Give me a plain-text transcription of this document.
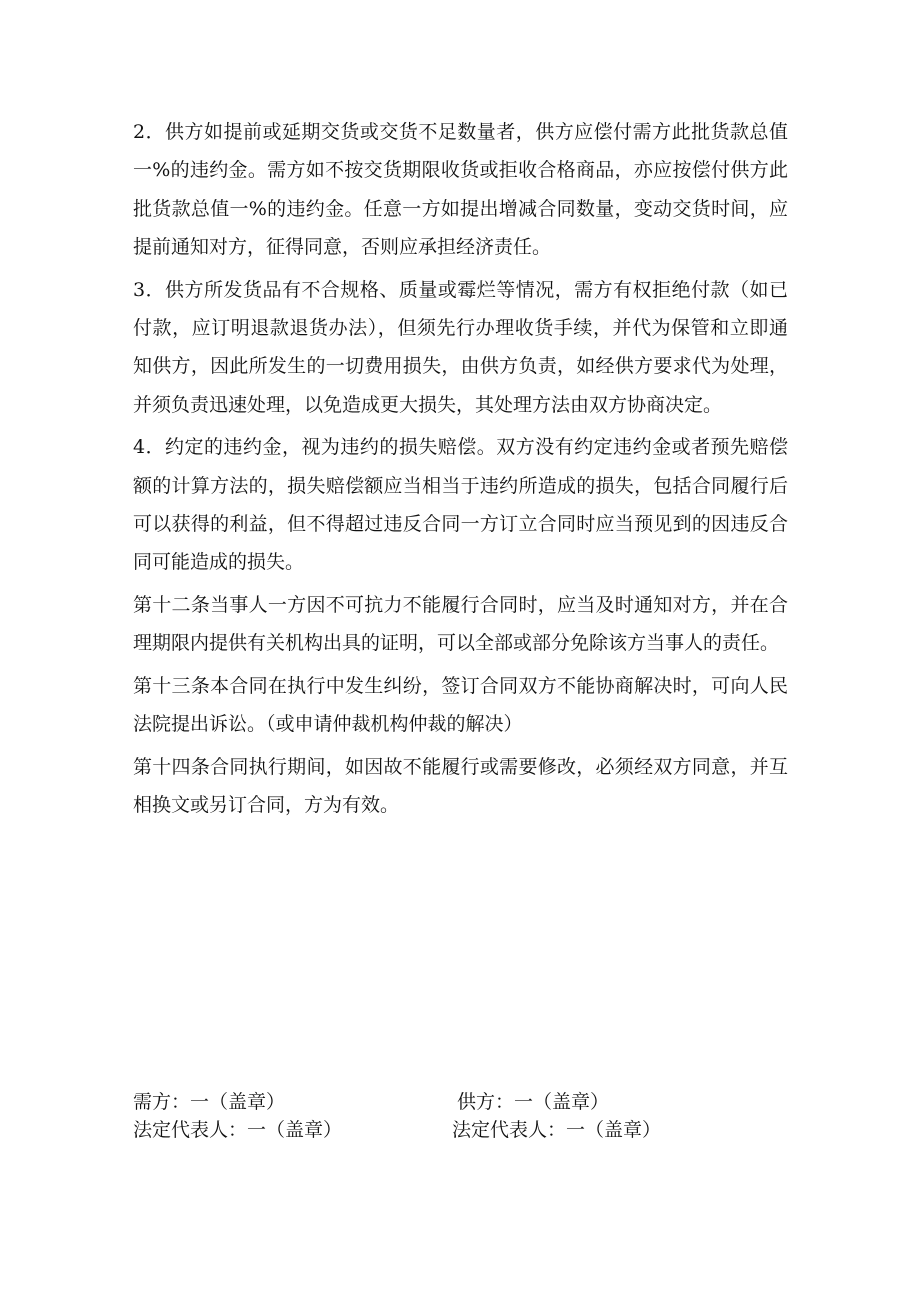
2．供方如提前或延期交货或交货不足数量者，供方应偿付需方此批货款总值一%的违约金。需方如不按交货期限收货或拒收合格商品，亦应按偿付供方此批货款总值一%的违约金。任意一方如提出增减合同数量，变动交货时间，应提前通知对方，征得同意，否则应承担经济责任。

3．供方所发货品有不合规格、质量或霉烂等情况，需方有权拒绝付款（如已付款，应订明退款退货办法），但须先行办理收货手续，并代为保管和立即通知供方，因此所发生的一切费用损失，由供方负责，如经供方要求代为处理，并须负责迅速处理，以免造成更大损失，其处理方法由双方协商决定。

4．约定的违约金，视为违约的损失赔偿。双方没有约定违约金或者预先赔偿额的计算方法的，损失赔偿额应当相当于违约所造成的损失，包括合同履行后可以获得的利益，但不得超过违反合同一方订立合同时应当预见到的因违反合同可能造成的损失。

第十二条当事人一方因不可抗力不能履行合同时，应当及时通知对方，并在合理期限内提供有关机构出具的证明，可以全部或部分免除该方当事人的责任。

第十三条本合同在执行中发生纠纷，签订合同双方不能协商解决时，可向人民法院提出诉讼。（或申请仲裁机构仲裁的解决）

第十四条合同执行期间，如因故不能履行或需要修改，必须经双方同意，并互相换文或另订合同，方为有效。

需方：一（盖章）	供方：一（盖章）
法定代表人：一（盖章）	法定代表人：一（盖章）
